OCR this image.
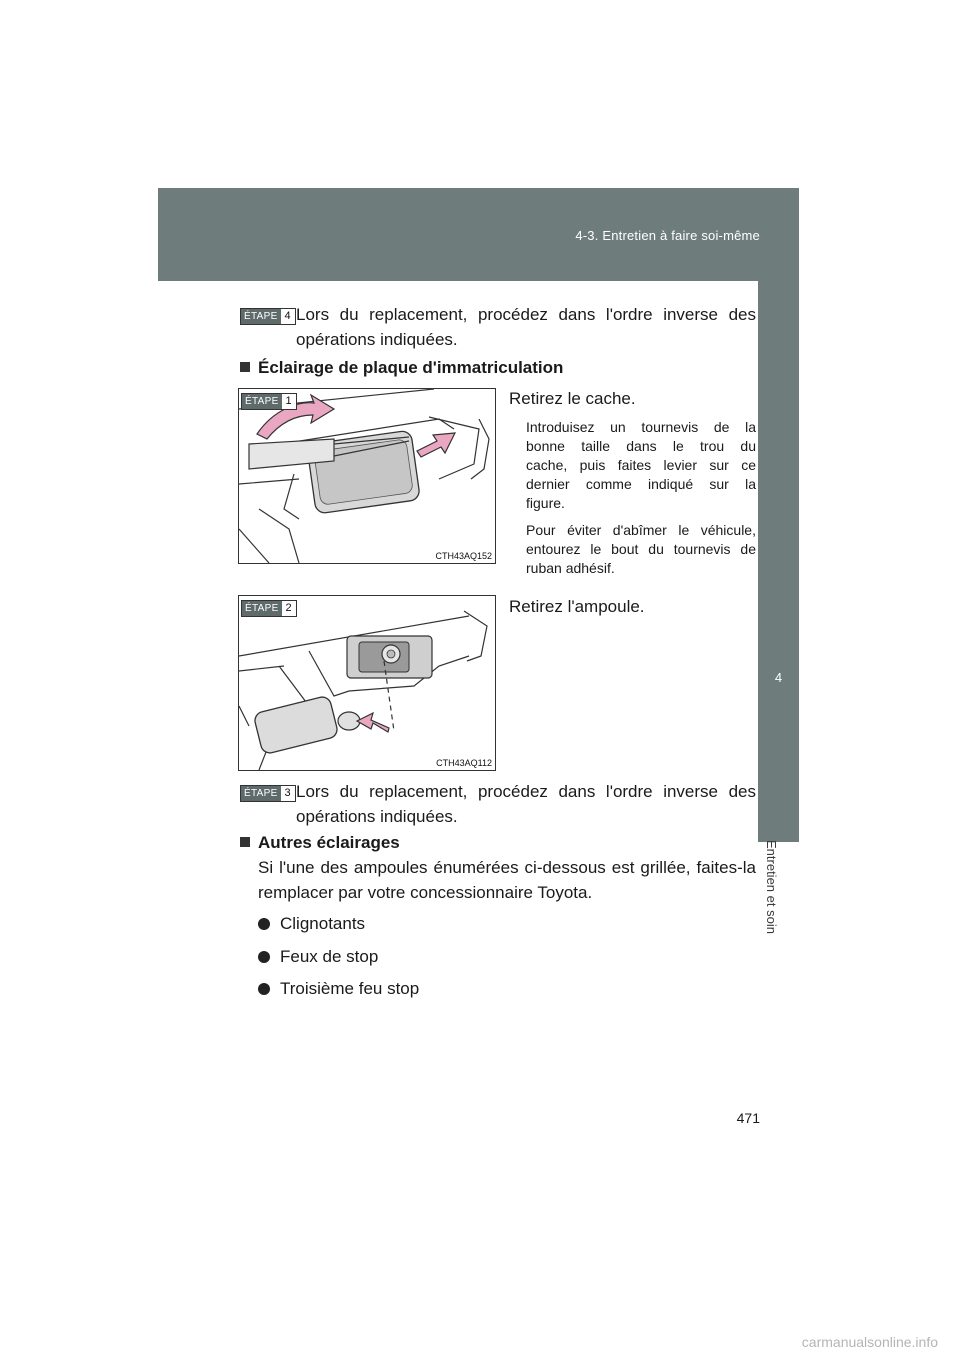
4-3. Entretien à faire soi-même
4
Entretien et soin
ÉTAPE 4 Lors du replacement, procédez dans l'ordre inverse des
opérations indiquées.
Éclairage de plaque d'immatriculation
CTH43AQ152
ÉTAPE 1	Retirez le cache.
Introduisez un tournevis de la
bonne taille dans le trou du
cache, puis faites levier sur ce
dernier comme indiqué sur la
figure.
Pour éviter d'abîmer le véhicule,
entourez le bout du tournevis de
ruban adhésif.
CTH43AQ112
ÉTAPE 2	Retirez l'ampoule.
ÉTAPE 3 Lors du replacement, procédez dans l'ordre inverse des
opérations indiquées.
Autres éclairages
Si l'une des ampoules énumérées ci-dessous est grillée, faites-la
remplacer par votre concessionnaire Toyota.
Clignotants
Feux de stop
Troisième feu stop
471
carmanualsonline.info
